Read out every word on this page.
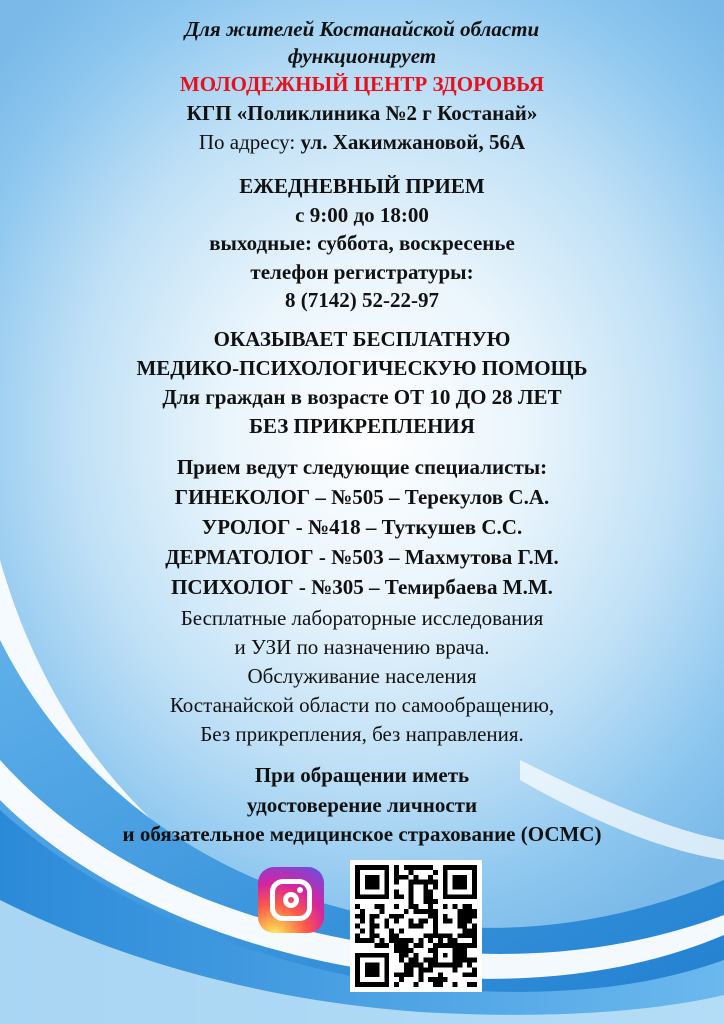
Для жителей Костанайской области
функционирует
МОЛОДЕЖНЫЙ ЦЕНТР ЗДОРОВЬЯ
КГП «Поликлиника №2 г Костанай»
По адресу: ул. Хакимжановой, 56А
ЕЖЕДНЕВНЫЙ ПРИЕМ
с 9:00 до 18:00
выходные: суббота, воскресенье
телефон регистратуры:
8 (7142) 52-22-97
ОКАЗЫВАЕТ БЕСПЛАТНУЮ
МЕДИКО-ПСИХОЛОГИЧЕСКУЮ ПОМОЩЬ
Для граждан в возрасте ОТ 10 ДО 28 ЛЕТ
БЕЗ ПРИКРЕПЛЕНИЯ
Прием ведут следующие специалисты:
ГИНЕКОЛОГ – №505 – Терекулов С.А.
УРОЛОГ - №418 – Туткушев С.С.
ДЕРМАТОЛОГ - №503 – Махмутова Г.М.
ПСИХОЛОГ - №305 – Темирбаева М.М.
Бесплатные лабораторные исследования
и УЗИ по назначению врача.
Обслуживание населения
Костанайской области по самообращению,
Без прикрепления, без направления.
При обращении иметь
удостоверение личности
и обязательное медицинское страхование (ОСМС)
